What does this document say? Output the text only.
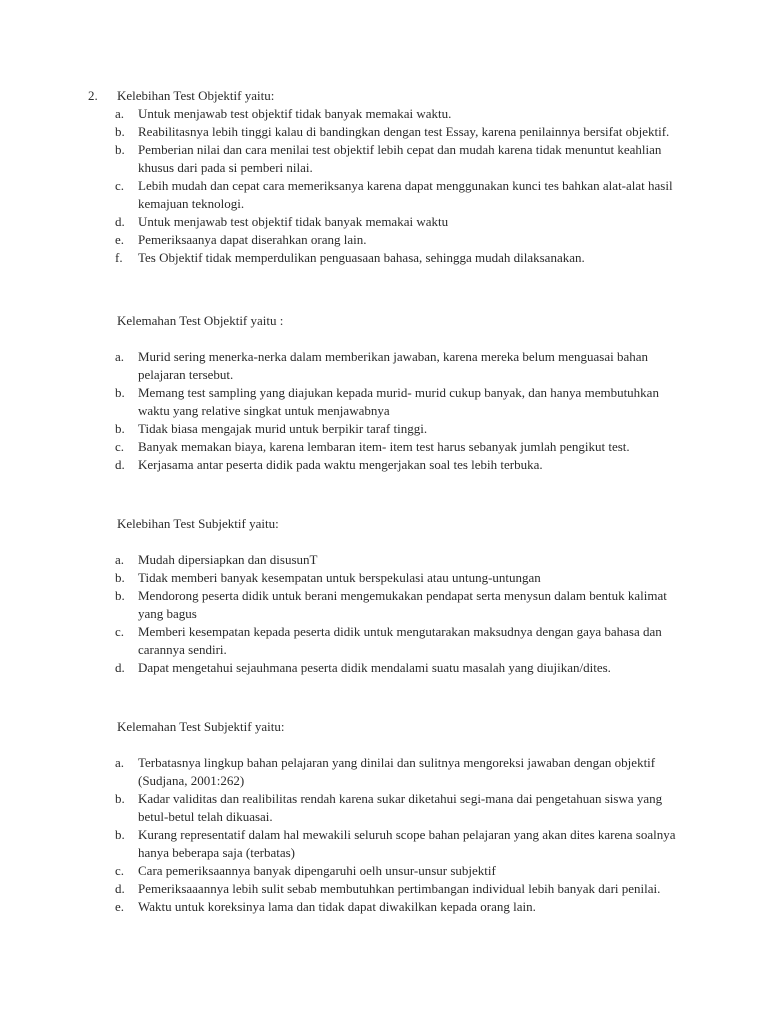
2. Kelebihan Test Objektif yaitu:
a. Untuk menjawab test objektif tidak banyak memakai waktu.
b. Reabilitasnya lebih tinggi kalau di bandingkan dengan test Essay, karena penilainnya bersifat objektif.
b. Pemberian nilai dan cara menilai test objektif lebih cepat dan mudah karena tidak menuntut keahlian khusus dari pada si pemberi nilai.
c. Lebih mudah dan cepat cara memeriksanya karena dapat menggunakan kunci tes bahkan alat-alat hasil kemajuan teknologi.
d. Untuk menjawab test objektif tidak banyak memakai waktu
e. Pemeriksaanya dapat diserahkan orang lain.
f. Tes Objektif tidak memperdulikan penguasaan bahasa, sehingga mudah dilaksanakan.
Kelemahan Test Objektif yaitu :
a. Murid sering menerka-nerka dalam memberikan jawaban, karena mereka belum menguasai bahan pelajaran tersebut.
b. Memang test sampling yang diajukan kepada murid- murid cukup banyak, dan hanya membutuhkan waktu yang relative singkat untuk menjawabnya
b. Tidak biasa mengajak murid untuk berpikir taraf tinggi.
c. Banyak memakan biaya, karena lembaran item- item test harus sebanyak jumlah pengikut test.
d. Kerjasama antar peserta didik pada waktu mengerjakan soal tes lebih terbuka.
Kelebihan Test Subjektif yaitu:
a. Mudah dipersiapkan dan disusunT
b. Tidak memberi banyak kesempatan untuk berspekulasi atau untung-untungan
b. Mendorong peserta didik untuk berani mengemukakan pendapat serta menysun dalam bentuk kalimat yang bagus
c. Memberi kesempatan kepada peserta didik untuk mengutarakan maksudnya dengan gaya bahasa dan carannya sendiri.
d. Dapat mengetahui sejauhmana peserta didik mendalami suatu masalah yang diujikan/dites.
Kelemahan Test Subjektif yaitu:
a. Terbatasnya lingkup bahan pelajaran yang dinilai dan sulitnya mengoreksi jawaban dengan objektif (Sudjana, 2001:262)
b. Kadar validitas dan realibilitas rendah karena sukar diketahui segi-mana dai pengetahuan siswa yang betul-betul telah dikuasai.
b. Kurang representatif dalam hal mewakili seluruh scope bahan pelajaran yang akan dites karena soalnya hanya beberapa saja (terbatas)
c. Cara pemeriksaannya banyak dipengaruhi oelh unsur-unsur subjektif
d. Pemeriksaaannya lebih sulit sebab membutuhkan pertimbangan individual lebih banyak dari penilai.
e. Waktu untuk koreksinya lama dan tidak dapat diwakilkan kepada orang lain.
